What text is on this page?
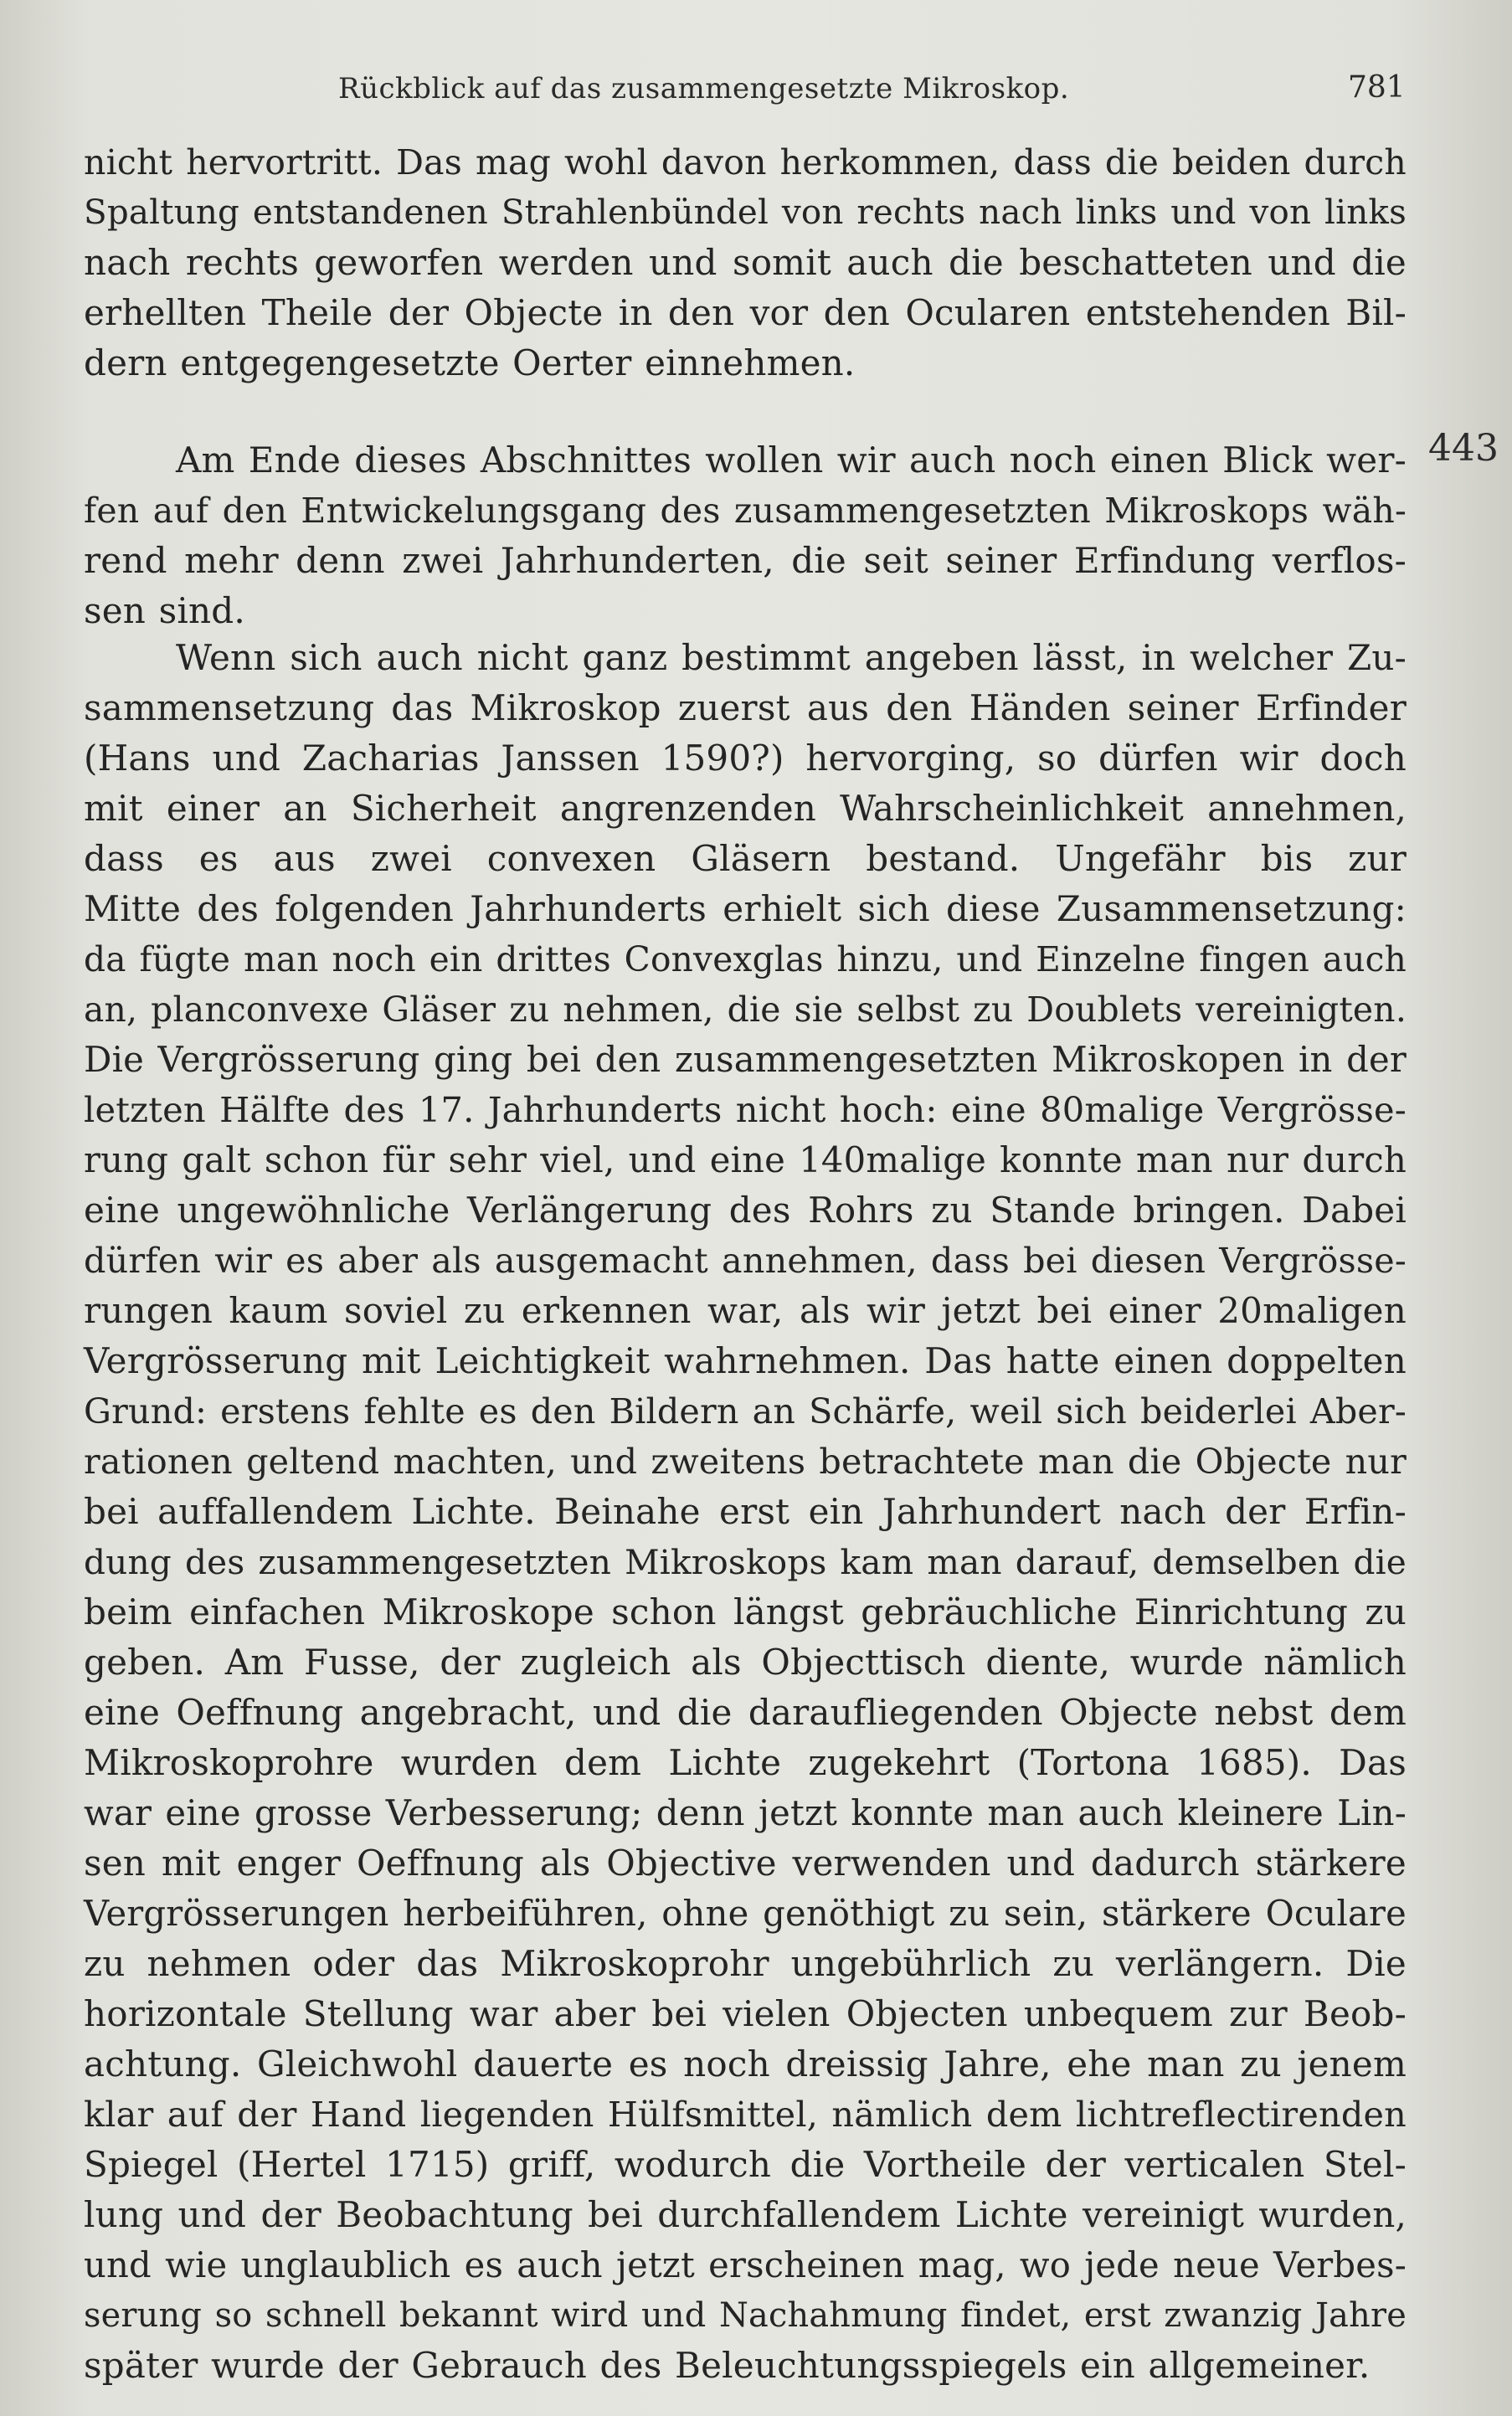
Rückblick auf das zusammengesetzte Mikroskop.	781
443
nicht hervortritt. Das mag wohl davon herkommen, dass die beiden durch
Spaltung entstandenen Strahlenbündel von rechts nach links und von links
nach rechts geworfen werden und somit auch die beschatteten und die
erhellten Theile der Objecte in den vor den Ocularen entstehenden Bil-
dern entgegengesetzte Oerter einnehmen.
Am Ende dieses Abschnittes wollen wir auch noch einen Blick wer-
fen auf den Entwickelungsgang des zusammengesetzten Mikroskops wäh-
rend mehr denn zwei Jahrhunderten, die seit seiner Erfindung verflos-
sen sind.
Wenn sich auch nicht ganz bestimmt angeben lässt, in welcher Zu-
sammensetzung das Mikroskop zuerst aus den Händen seiner Erfinder
(Hans und Zacharias Janssen 1590?) hervorging, so dürfen wir doch
mit einer an Sicherheit angrenzenden Wahrscheinlichkeit annehmen,
dass es aus zwei convexen Gläsern bestand. Ungefähr bis zur
Mitte des folgenden Jahrhunderts erhielt sich diese Zusammensetzung:
da fügte man noch ein drittes Convexglas hinzu, und Einzelne fingen auch
an, planconvexe Gläser zu nehmen, die sie selbst zu Doublets vereinigten.
Die Vergrösserung ging bei den zusammengesetzten Mikroskopen in der
letzten Hälfte des 17. Jahrhunderts nicht hoch: eine 80malige Vergrösse-
rung galt schon für sehr viel, und eine 140malige konnte man nur durch
eine ungewöhnliche Verlängerung des Rohrs zu Stande bringen. Dabei
dürfen wir es aber als ausgemacht annehmen, dass bei diesen Vergrösse-
rungen kaum soviel zu erkennen war, als wir jetzt bei einer 20maligen
Vergrösserung mit Leichtigkeit wahrnehmen. Das hatte einen doppelten
Grund: erstens fehlte es den Bildern an Schärfe, weil sich beiderlei Aber-
rationen geltend machten, und zweitens betrachtete man die Objecte nur
bei auffallendem Lichte. Beinahe erst ein Jahrhundert nach der Erfin-
dung des zusammengesetzten Mikroskops kam man darauf, demselben die
beim einfachen Mikroskope schon längst gebräuchliche Einrichtung zu
geben. Am Fusse, der zugleich als Objecttisch diente, wurde nämlich
eine Oeffnung angebracht, und die daraufliegenden Objecte nebst dem
Mikroskoprohre wurden dem Lichte zugekehrt (Tortona 1685). Das
war eine grosse Verbesserung; denn jetzt konnte man auch kleinere Lin-
sen mit enger Oeffnung als Objective verwenden und dadurch stärkere
Vergrösserungen herbeiführen, ohne genöthigt zu sein, stärkere Oculare
zu nehmen oder das Mikroskoprohr ungebührlich zu verlängern. Die
horizontale Stellung war aber bei vielen Objecten unbequem zur Beob-
achtung. Gleichwohl dauerte es noch dreissig Jahre, ehe man zu jenem
klar auf der Hand liegenden Hülfsmittel, nämlich dem lichtreflectirenden
Spiegel (Hertel 1715) griff, wodurch die Vortheile der verticalen Stel-
lung und der Beobachtung bei durchfallendem Lichte vereinigt wurden,
und wie unglaublich es auch jetzt erscheinen mag, wo jede neue Verbes-
serung so schnell bekannt wird und Nachahmung findet, erst zwanzig Jahre
später wurde der Gebrauch des Beleuchtungsspiegels ein allgemeiner.
